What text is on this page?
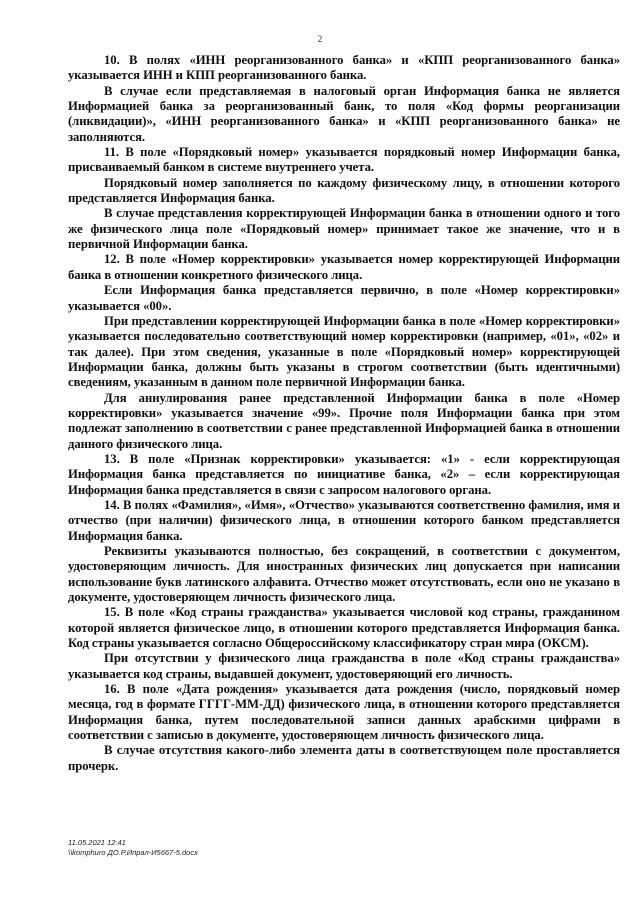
2

10. В полях «ИНН реорганизованного банка» и «КПП реорганизованного банка» указывается ИНН и КПП реорганизованного банка.

В случае если представляемая в налоговый орган Информация банка не является Информацией банка за реорганизованный банк, то поля «Код формы реорганизации (ликвидации)», «ИНН реорганизованного банка» и «КПП реорганизованного банка» не заполняются.

11. В поле «Порядковый номер» указывается порядковый номер Информации банка, присваиваемый банком в системе внутреннего учета.

Порядковый номер заполняется по каждому физическому лицу, в отношении которого представляется Информация банка.

В случае представления корректирующей Информации банка в отношении одного и того же физического лица поле «Порядковый номер» принимает такое же значение, что и в первичной Информации банка.

12. В поле «Номер корректировки» указывается номер корректирующей Информации банка в отношении конкретного физического лица.

Если Информация банка представляется первично, в поле «Номер корректировки» указывается «00».

При представлении корректирующей Информации банка в поле «Номер корректировки» указывается последовательно соответствующий номер корректировки (например, «01», «02» и так далее). При этом сведения, указанные в поле «Порядковый номер» корректирующей Информации банка, должны быть указаны в строгом соответствии (быть идентичными) сведениям, указанным в данном поле первичной Информации банка.

Для аннулирования ранее представленной Информации банка в поле «Номер корректировки» указывается значение «99». Прочие поля Информации банка при этом подлежат заполнению в соответствии с ранее представленной Информацией банка в отношении данного физического лица.

13. В поле «Признак корректировки» указывается: «1» - если корректирующая Информация банка представляется по инициативе банка, «2» – если корректирующая Информация банка представляется в связи с запросом налогового органа.

14. В полях «Фамилия», «Имя», «Отчество» указываются соответственно фамилия, имя и отчество (при наличии) физического лица, в отношении которого банком представляется Информация банка.

Реквизиты указываются полностью, без сокращений, в соответствии с документом, удостоверяющим личность. Для иностранных физических лиц допускается при написании использование букв латинского алфавита. Отчество может отсутствовать, если оно не указано в документе, удостоверяющем личность физического лица.

15. В поле «Код страны гражданства» указывается числовой код страны, гражданином которой является физическое лицо, в отношении которого представляется Информация банка. Код страны указывается согласно Общероссийскому классификатору стран мира (ОКСМ).

При отсутствии у физического лица гражданства в поле «Код страны гражданства» указывается код страны, выдавшей документ, удостоверяющий его личность.

16. В поле «Дата рождения» указывается дата рождения (число, порядковый номер месяца, год в формате ГГГГ-ММ-ДД) физического лица, в отношении которого представляется Информация банка, путем последовательной записи данных арабскими цифрами в соответствии с записью в документе, удостоверяющем личность физического лица.

В случае отсутствия какого-либо элемента даты в соответствующем поле проставляется прочерк.

11.05.2021 12:41
\\komphuro ДО.Р.Ипрал-И5667-5.docx
